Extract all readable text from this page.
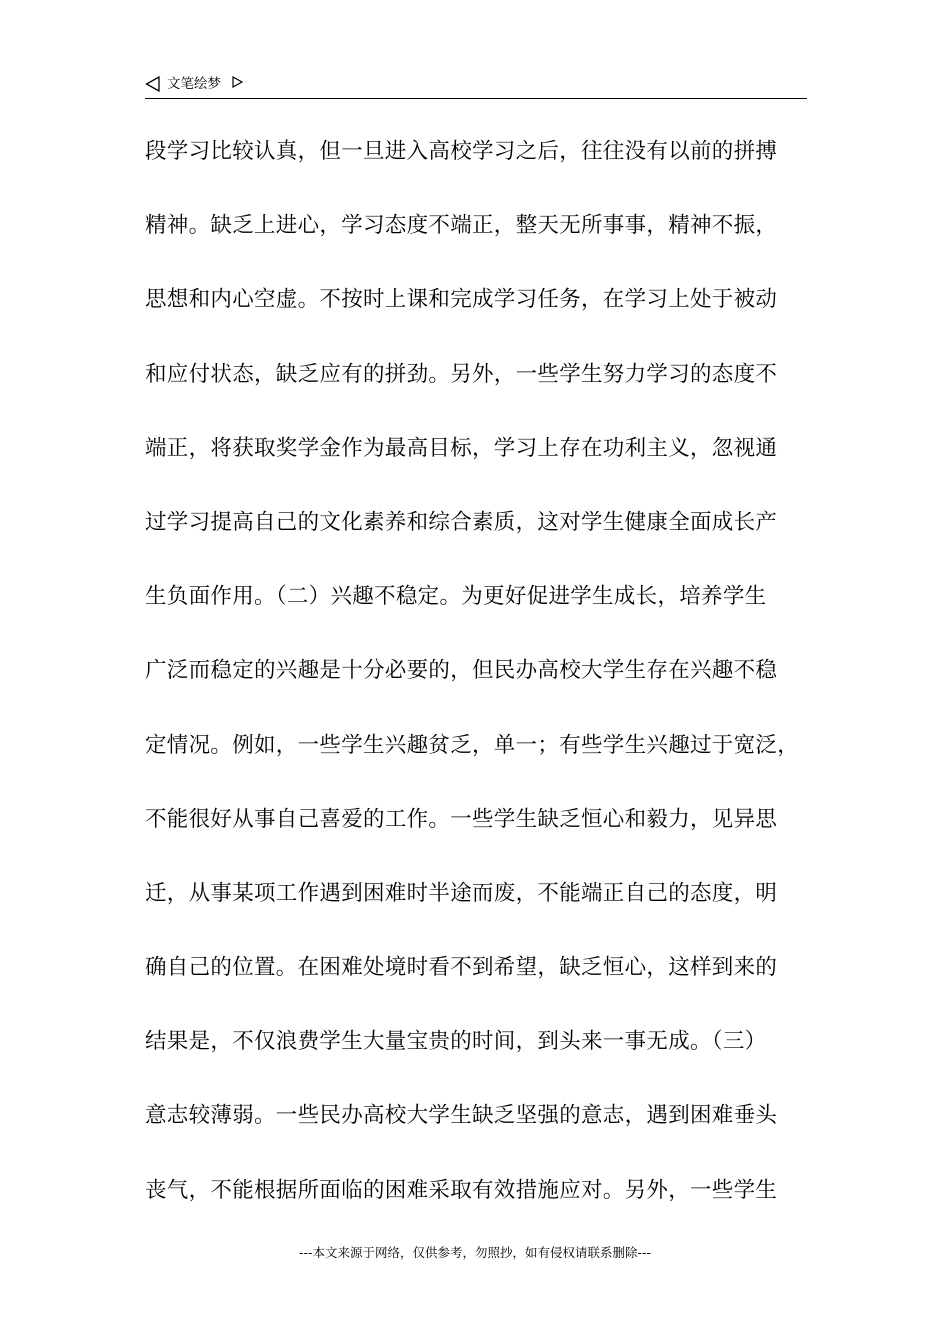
文笔绘梦
段学习比较认真，但一旦进入高校学习之后，往往没有以前的拼搏
精神。缺乏上进心，学习态度不端正，整天无所事事，精神不振，
思想和内心空虚。不按时上课和完成学习任务，在学习上处于被动
和应付状态，缺乏应有的拼劲。另外，一些学生努力学习的态度不
端正，将获取奖学金作为最高目标，学习上存在功利主义，忽视通
过学习提高自己的文化素养和综合素质，这对学生健康全面成长产
生负面作用。（二）兴趣不稳定。为更好促进学生成长，培养学生
广泛而稳定的兴趣是十分必要的，但民办高校大学生存在兴趣不稳
定情况。例如，一些学生兴趣贫乏，单一；有些学生兴趣过于宽泛，
不能很好从事自己喜爱的工作。一些学生缺乏恒心和毅力，见异思
迁，从事某项工作遇到困难时半途而废，不能端正自己的态度，明
确自己的位置。在困难处境时看不到希望，缺乏恒心，这样到来的
结果是，不仅浪费学生大量宝贵的时间，到头来一事无成。（三）
意志较薄弱。一些民办高校大学生缺乏坚强的意志，遇到困难垂头
丧气，不能根据所面临的困难采取有效措施应对。另外，一些学生
---本文来源于网络，仅供参考，勿照抄，如有侵权请联系删除---
